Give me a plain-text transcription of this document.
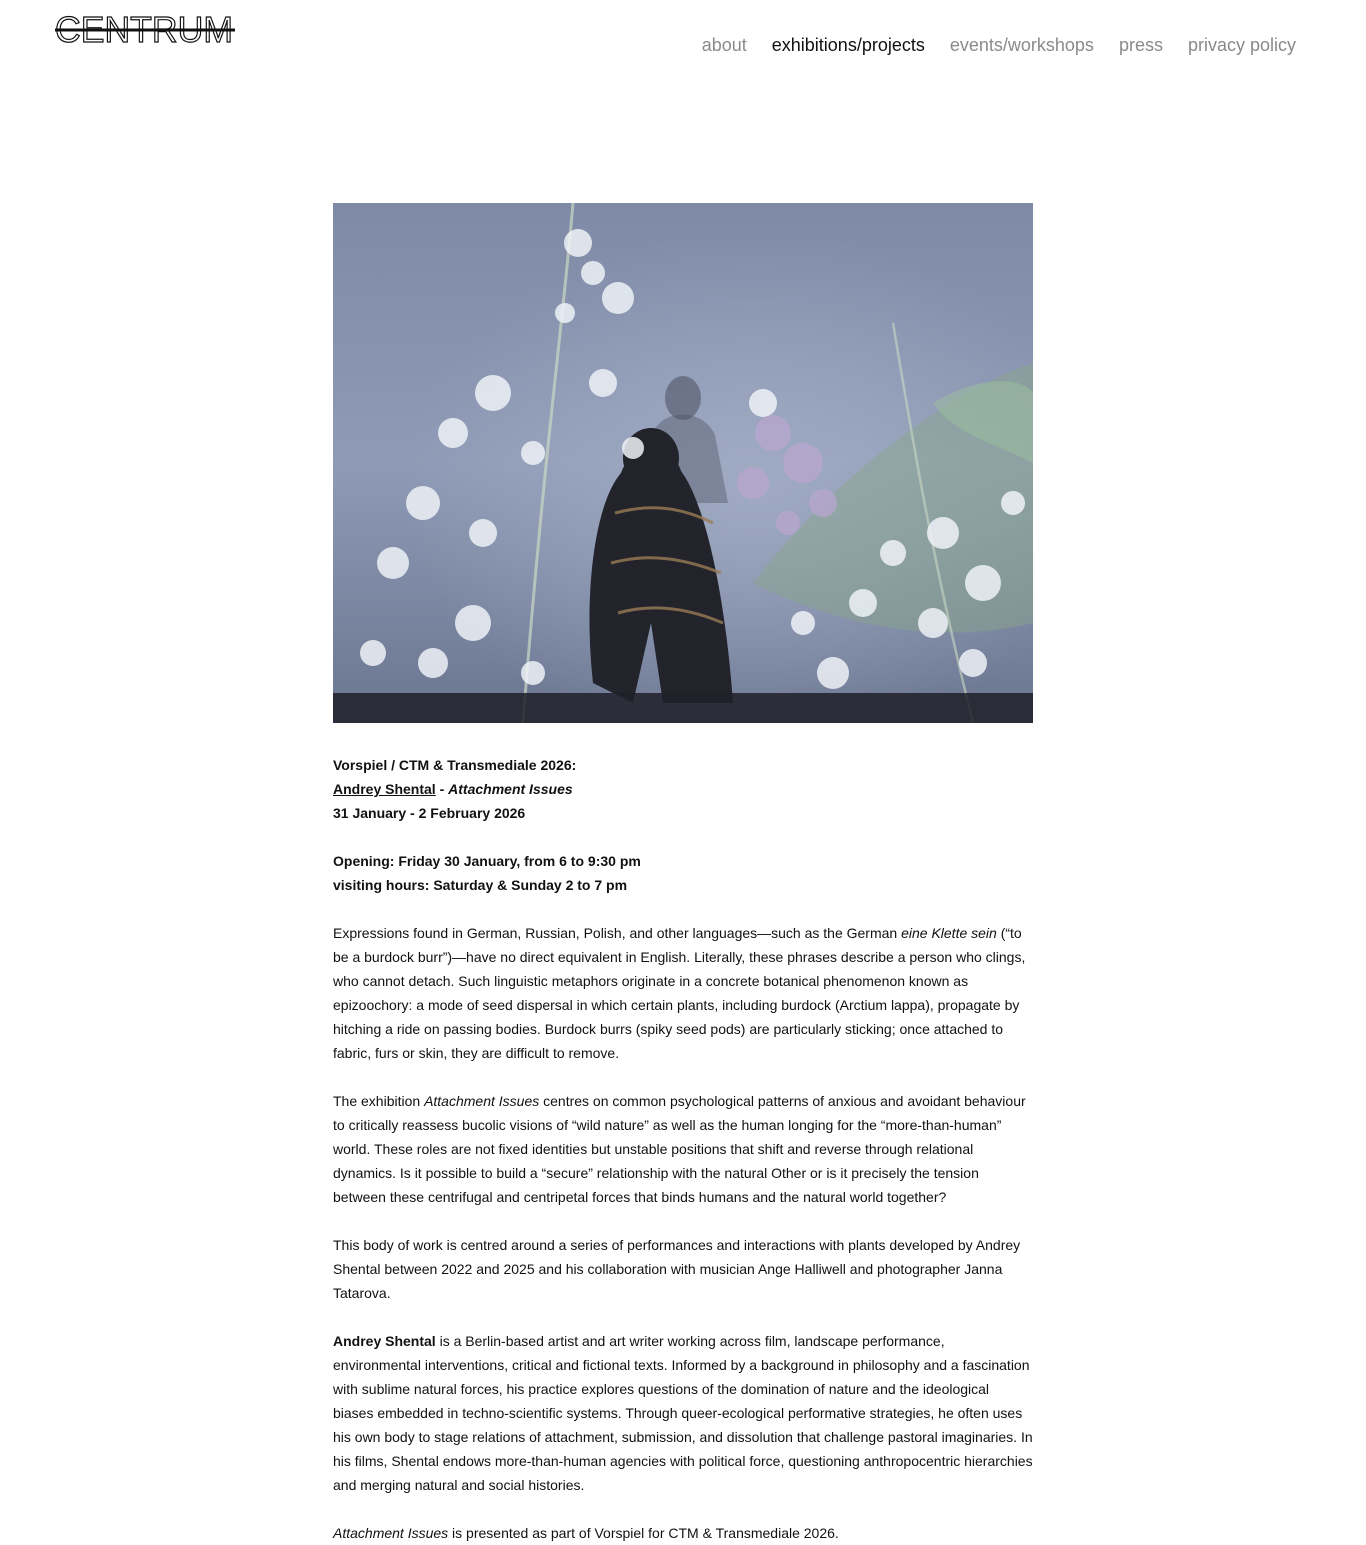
CENTRUM	about exhibitions/projects events/workshops press privacy policy

Vorspiel / CTM & Transmediale 2026:
Andrey Shental - Attachment Issues
31 January - 2 February 2026

Opening: Friday 30 January, from 6 to 9:30 pm
visiting hours: Saturday & Sunday 2 to 7 pm

Expressions found in German, Russian, Polish, and other languages—such as the German eine Klette sein (“to be a burdock burr”)—have no direct equivalent in English. Literally, these phrases describe a person who clings, who cannot detach. Such linguistic metaphors originate in a concrete botanical phenomenon known as epizoochory: a mode of seed dispersal in which certain plants, including burdock (Arctium lappa), propagate by hitching a ride on passing bodies. Burdock burrs (spiky seed pods) are particularly sticking; once attached to fabric, furs or skin, they are difficult to remove.

The exhibition Attachment Issues centres on common psychological patterns of anxious and avoidant behaviour to critically reassess bucolic visions of “wild nature” as well as the human longing for the “more-than-human” world. These roles are not fixed identities but unstable positions that shift and reverse through relational dynamics. Is it possible to build a “secure” relationship with the natural Other or is it precisely the tension between these centrifugal and centripetal forces that binds humans and the natural world together?

This body of work is centred around a series of performances and interactions with plants developed by Andrey Shental between 2022 and 2025 and his collaboration with musician Ange Halliwell and photographer Janna Tatarova.

Andrey Shental is a Berlin-based artist and art writer working across film, landscape performance, environmental interventions, critical and fictional texts. Informed by a background in philosophy and a fascination with sublime natural forces, his practice explores questions of the domination of nature and the ideological biases embedded in techno-scientific systems. Through queer-ecological performative strategies, he often uses his own body to stage relations of attachment, submission, and dissolution that challenge pastoral imaginaries. In his films, Shental endows more-than-human agencies with political force, questioning anthropocentric hierarchies and merging natural and social histories.

Attachment Issues is presented as part of Vorspiel for CTM & Transmediale 2026.
